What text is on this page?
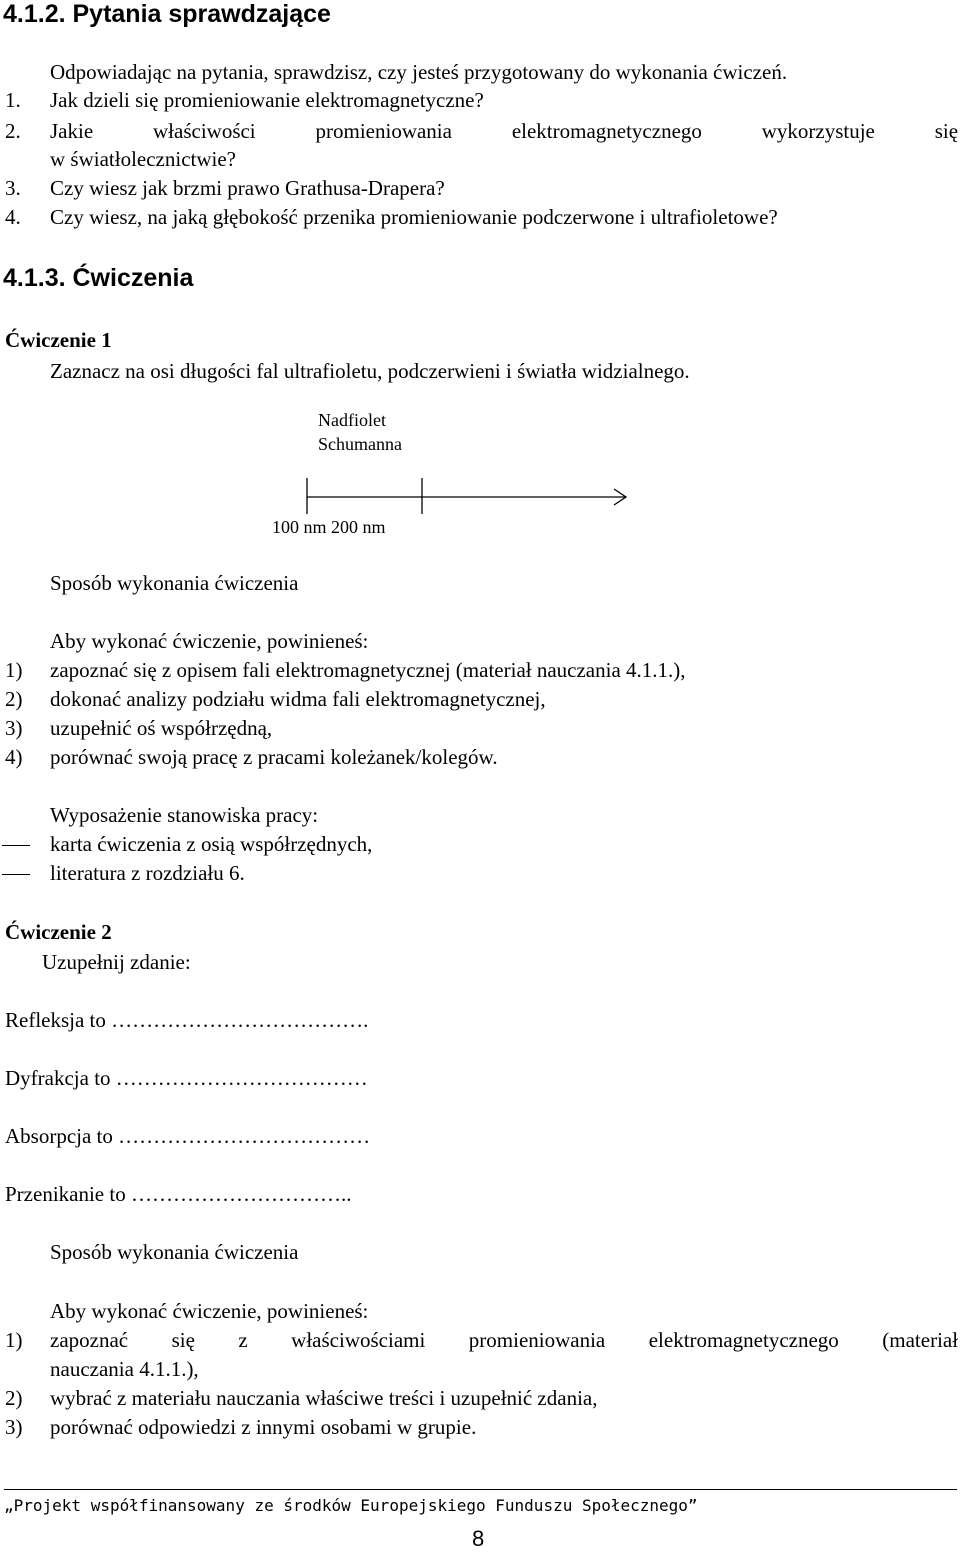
4.1.2. Pytania sprawdzające
Odpowiadając na pytania, sprawdzisz, czy jesteś przygotowany do wykonania ćwiczeń.
1. Jak dzieli się promieniowanie elektromagnetyczne?
2. Jakie	właściwości	promieniowania	elektromagnetycznego	wykorzystuje	się
w światłolecznictwie?
3. Czy wiesz jak brzmi prawo Grathusa-Drapera?
4. Czy wiesz, na jaką głębokość przenika promieniowanie podczerwone i ultrafioletowe?
4.1.3. Ćwiczenia
Ćwiczenie 1
Zaznacz na osi długości fal ultrafioletu, podczerwieni i światła widzialnego.
Nadfiolet
Schumanna
100 nm 200 nm
Sposób wykonania ćwiczenia
Aby wykonać ćwiczenie, powinieneś:
1) zapoznać się z opisem fali elektromagnetycznej (materiał nauczania 4.1.1.),
2) dokonać analizy podziału widma fali elektromagnetycznej,
3) uzupełnić oś współrzędną,
4) porównać swoją pracę z pracami koleżanek/kolegów.
Wyposażenie stanowiska pracy:
karta ćwiczenia z osią współrzędnych,
literatura z rozdziału 6.
Ćwiczenie 2
Uzupełnij zdanie:
Refleksja to ……………………………….
Dyfrakcja to ………………………………
Absorpcja to ………………………………
Przenikanie to …………………………..
Sposób wykonania ćwiczenia
Aby wykonać ćwiczenie, powinieneś:
1) zapoznać się z właściwościami promieniowania elektromagnetycznego (materiał
nauczania 4.1.1.),
2) wybrać z materiału nauczania właściwe treści i uzupełnić zdania,
3) porównać odpowiedzi z innymi osobami w grupie.
„Projekt współfinansowany ze środków Europejskiego Funduszu Społecznego”
8
